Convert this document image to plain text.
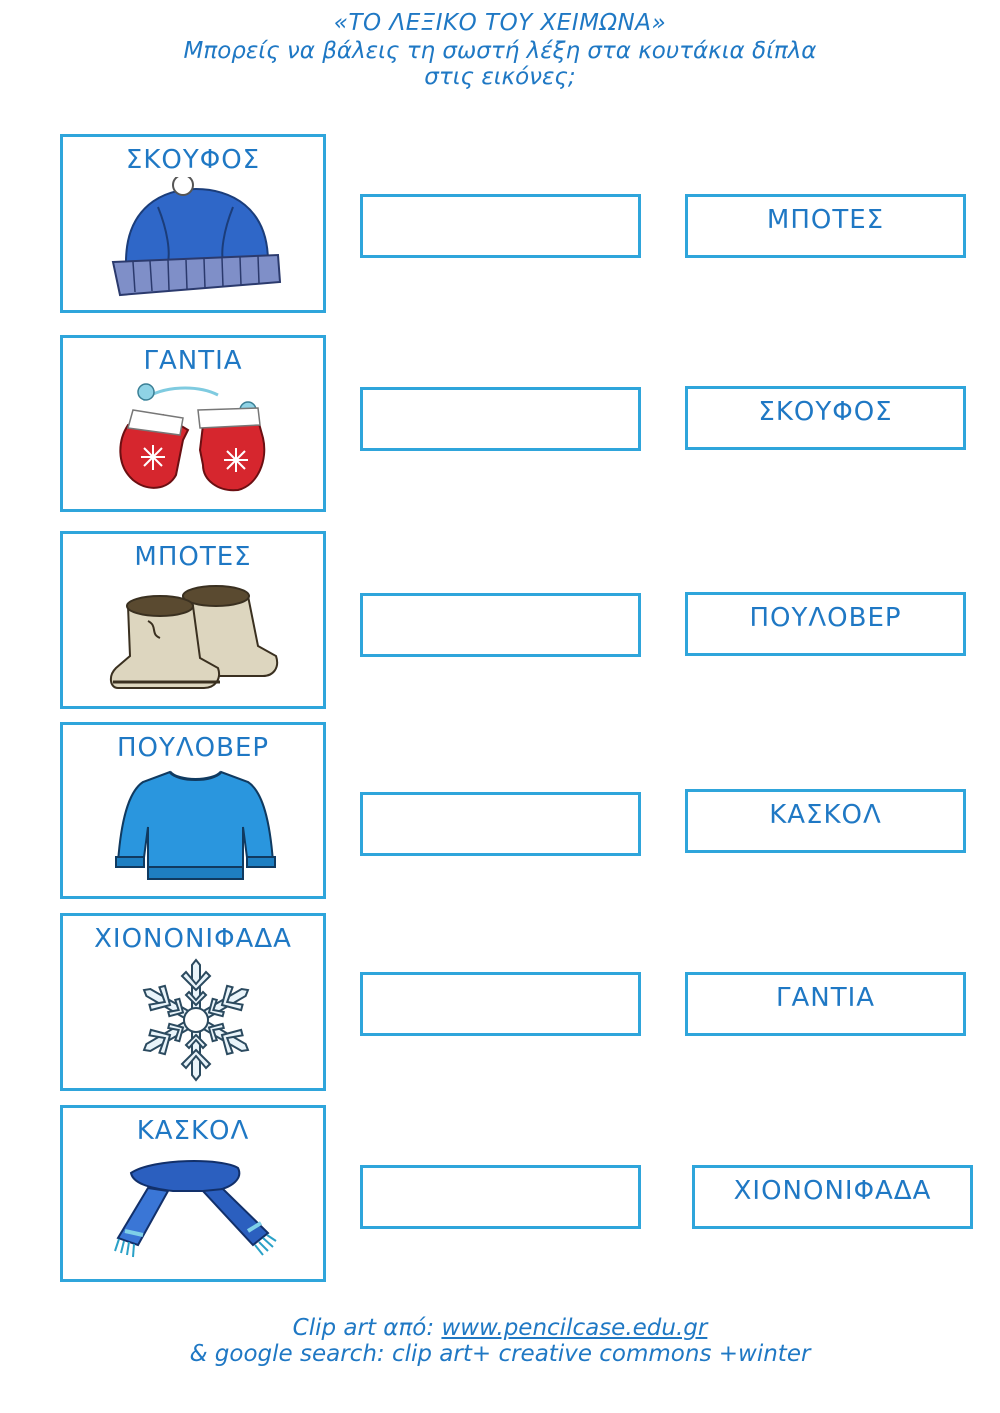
«ΤΟ ΛΕΞΙΚΟ ΤΟΥ ΧΕΙΜΩΝΑ»
Μπορείς να βάλεις τη σωστή λέξη στα κουτάκια δίπλα
στις εικόνες;
ΣΚΟΥΦΟΣ
ΓΑΝΤΙΑ
ΜΠΟΤΕΣ
ΠΟΥΛΟΒΕΡ
ΧΙΟΝΟΝΙΦΑΔΑ
ΚΑΣΚΟΛ
ΜΠΟΤΕΣ
ΣΚΟΥΦΟΣ
ΠΟΥΛΟΒΕΡ
ΚΑΣΚΟΛ
ΓΑΝΤΙΑ
ΧΙΟΝΟΝΙΦΑΔΑ
Clip art από: www.pencilcase.edu.gr
& google search: clip art+ creative commons +winter
